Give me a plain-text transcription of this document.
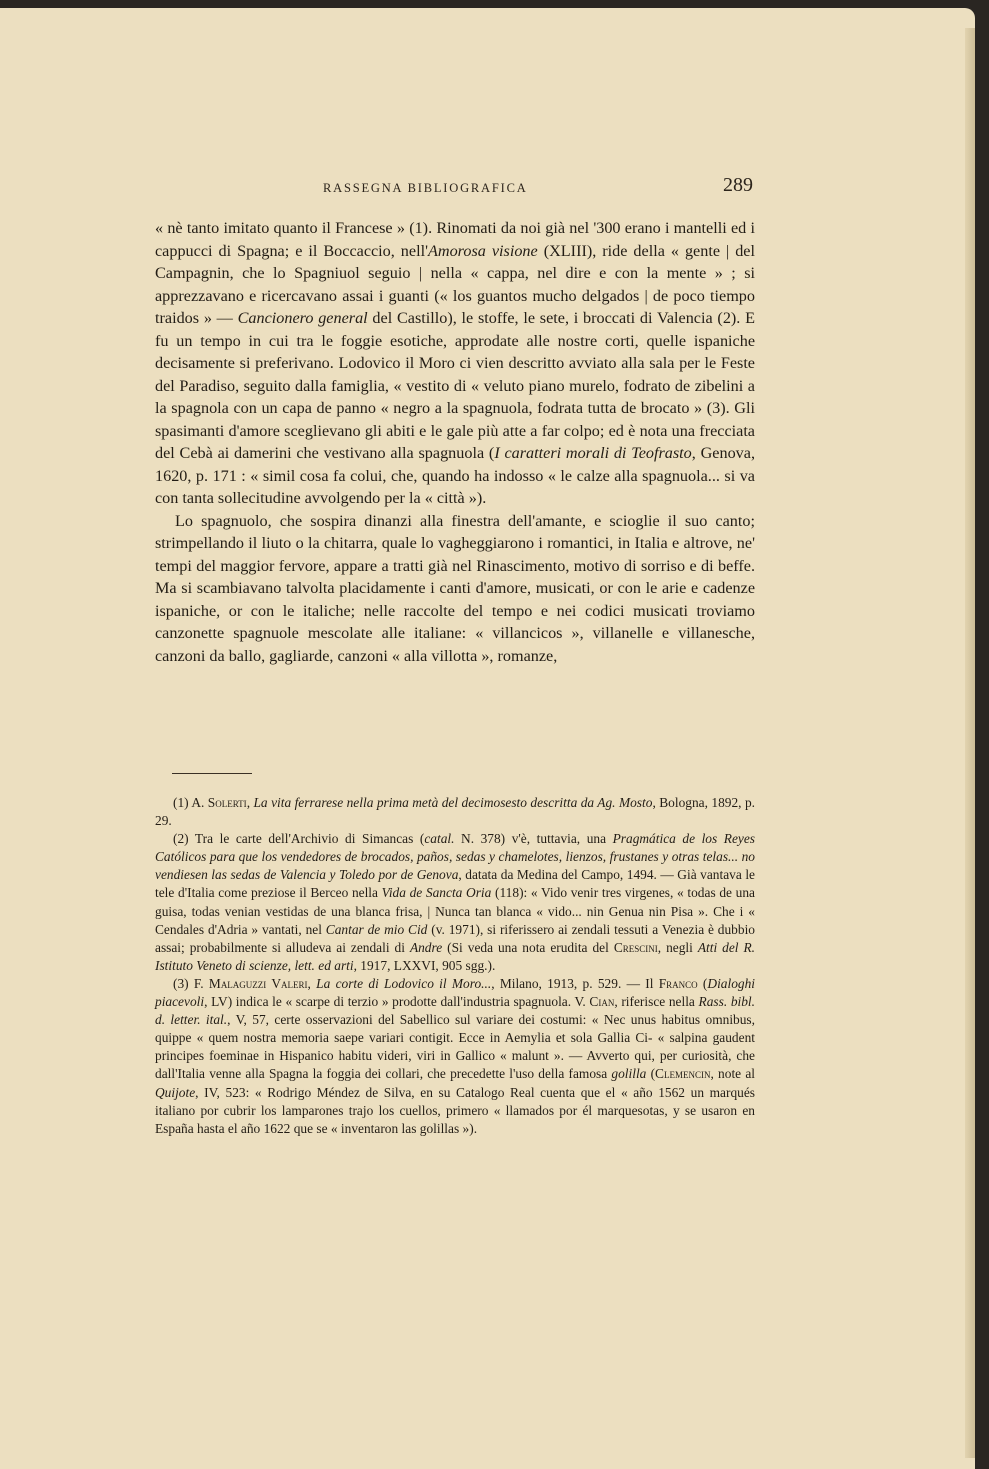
RASSEGNA BIBLIOGRAFICA	289

« nè tanto imitato quanto il Francese » (1). Rinomati da noi già nel '300 erano i mantelli ed i cappucci di Spagna; e il Boccaccio, nell'Amorosa visione (XLIII), ride della « gente | del Campagnin, che lo Spagniuol seguio | nella « cappa, nel dire e con la mente » ; si apprezzavano e ricercavano assai i guanti (« los guantos mucho delgados | de poco tiempo traidos » — Cancionero general del Castillo), le stoffe, le sete, i broccati di Valencia (2). E fu un tempo in cui tra le foggie esotiche, approdate alle nostre corti, quelle ispaniche decisamente si preferivano. Lodovico il Moro ci vien descritto avviato alla sala per le Feste del Paradiso, seguito dalla famiglia, « vestito di « veluto piano murelo, fodrato de zibelini a la spagnola con un capa de panno « negro a la spagnuola, fodrata tutta de brocato » (3). Gli spasimanti d'amore sceglievano gli abiti e le gale più atte a far colpo; ed è nota una frecciata del Cebà ai damerini che vestivano alla spagnuola (I caratteri morali di Teofrasto, Genova, 1620, p. 171 : « simil cosa fa colui, che, quando ha indosso « le calze alla spagnuola... si va con tanta sollecitudine avvolgendo per la « città »).

Lo spagnuolo, che sospira dinanzi alla finestra dell'amante, e scioglie il suo canto; strimpellando il liuto o la chitarra, quale lo vagheggiarono i romantici, in Italia e altrove, ne' tempi del maggior fervore, appare a tratti già nel Rinascimento, motivo di sorriso e di beffe. Ma si scambiavano talvolta placidamente i canti d'amore, musicati, or con le arie e cadenze ispaniche, or con le italiche; nelle raccolte del tempo e nei codici musicati troviamo canzonette spagnuole mescolate alle italiane: « villancicos », villanelle e villanesche, canzoni da ballo, gagliarde, canzoni « alla villotta », romanze,

(1) A. Solerti, La vita ferrarese nella prima metà del decimosesto descritta da Ag. Mosto, Bologna, 1892, p. 29.

(2) Tra le carte dell'Archivio di Simancas (catal. N. 378) v'è, tuttavia, una Pragmática de los Reyes Católicos para que los vendedores de brocados, paños, sedas y chamelotes, lienzos, frustanes y otras telas... no vendiesen las sedas de Valencia y Toledo por de Genova, datata da Medina del Campo, 1494. — Già vantava le tele d'Italia come preziose il Berceo nella Vida de Sancta Oria (118): « Vido venir tres virgenes, « todas de una guisa, todas venian vestidas de una blanca frisa, | Nunca tan blanca « vido... nin Genua nin Pisa ». Che i « Cendales d'Adria » vantati, nel Cantar de mio Cid (v. 1971), si riferissero ai zendali tessuti a Venezia è dubbio assai; probabilmente si alludeva ai zendali di Andre (Si veda una nota erudita del Crescini, negli Atti del R. Istituto Veneto di scienze, lett. ed arti, 1917, LXXVI, 905 sgg.).

(3) F. Malaguzzi Valeri, La corte di Lodovico il Moro..., Milano, 1913, p. 529. — Il Franco (Dialoghi piacevoli, LV) indica le « scarpe di terzio » prodotte dall'industria spagnuola. V. Cian, riferisce nella Rass. bibl. d. letter. ital., V, 57, certe osservazioni del Sabellico sul variare dei costumi: « Nec unus habitus omnibus, quippe « quem nostra memoria saepe variari contigit. Ecce in Aemylia et sola Gallia Ci- « salpina gaudent principes foeminae in Hispanico habitu videri, viri in Gallico « malunt ». — Avverto qui, per curiosità, che dall'Italia venne alla Spagna la foggia dei collari, che precedette l'uso della famosa golilla (Clemencin, note al Quijote, IV, 523: « Rodrigo Méndez de Silva, en su Catalogo Real cuenta que el « año 1562 un marqués italiano por cubrir los lamparones trajo los cuellos, primero « llamados por él marquesotas, y se usaron en España hasta el año 1622 que se « inventaron las golillas »).
